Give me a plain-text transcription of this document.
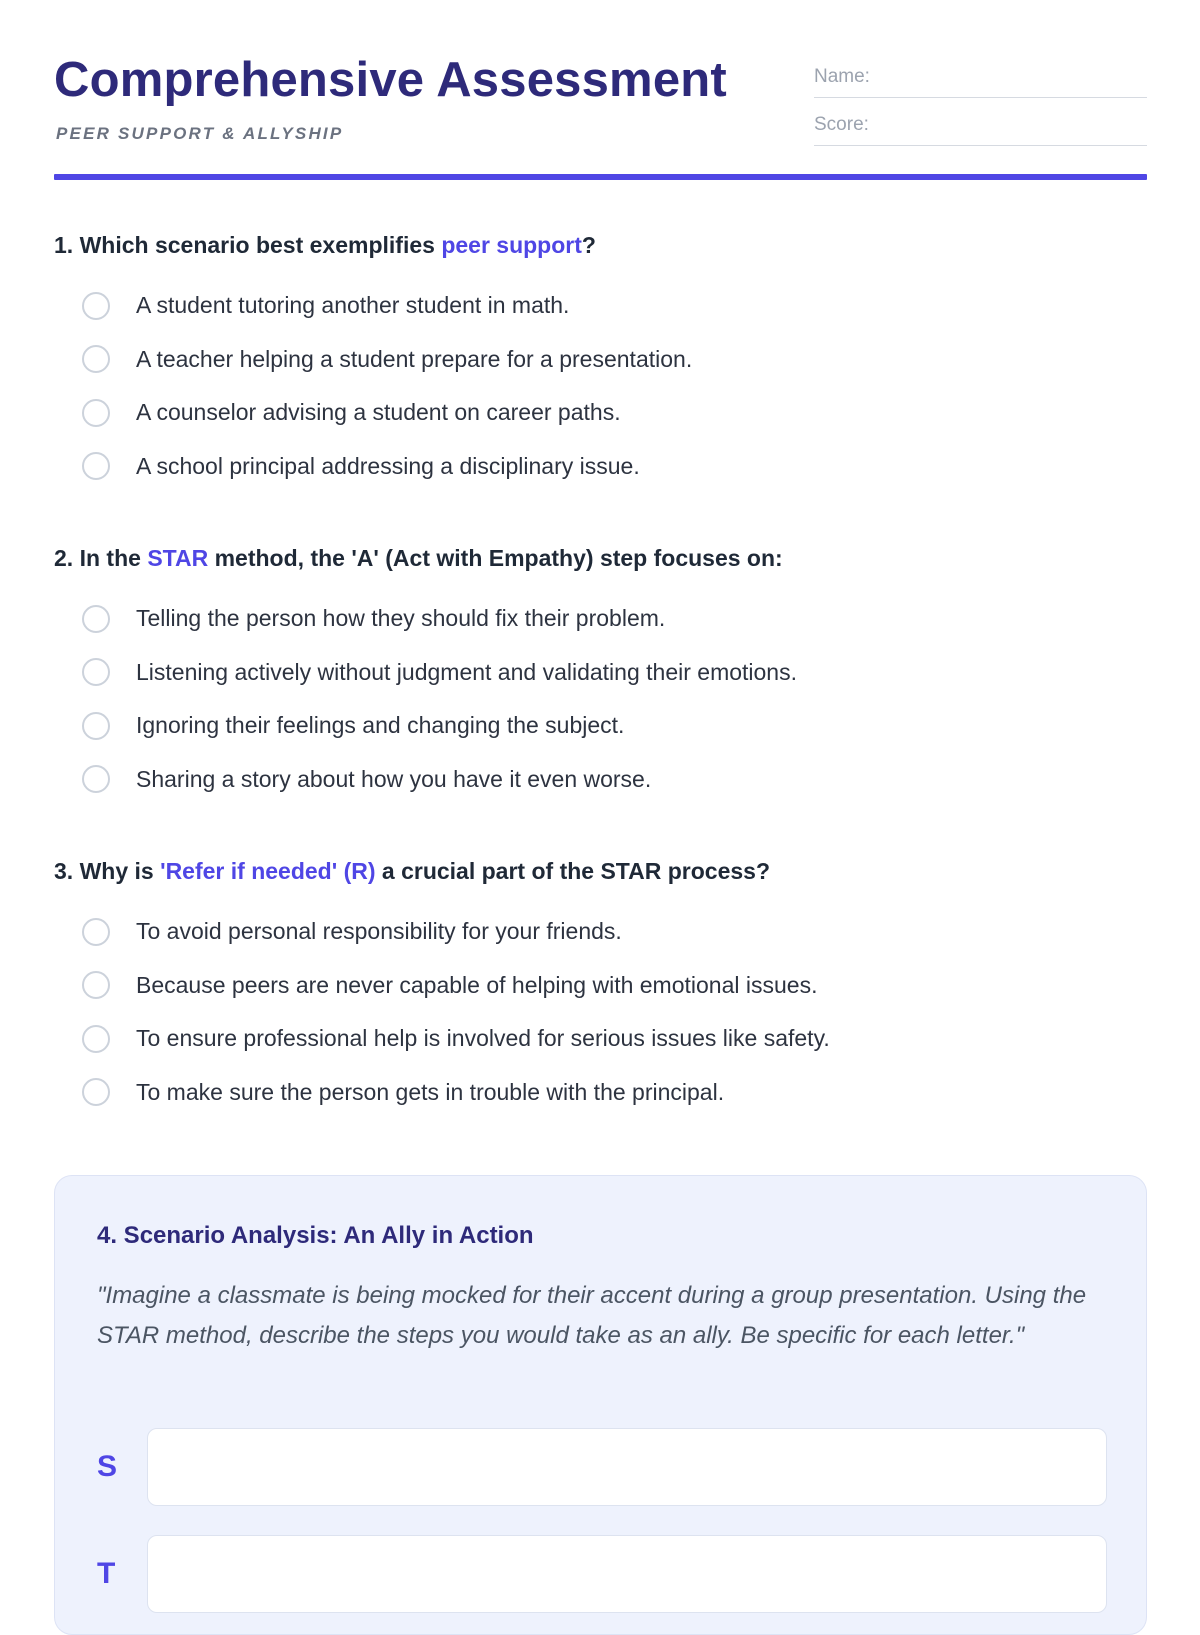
Comprehensive Assessment
PEER SUPPORT & ALLYSHIP
Name:
Score:

1. Which scenario best exemplifies peer support?

A student tutoring another student in math.
A teacher helping a student prepare for a presentation.
A counselor advising a student on career paths.
A school principal addressing a disciplinary issue.

2. In the STAR method, the 'A' (Act with Empathy) step focuses on:

Telling the person how they should fix their problem.
Listening actively without judgment and validating their emotions.
Ignoring their feelings and changing the subject.
Sharing a story about how you have it even worse.

3. Why is 'Refer if needed' (R) a crucial part of the STAR process?

To avoid personal responsibility for your friends.
Because peers are never capable of helping with emotional issues.
To ensure professional help is involved for serious issues like safety.
To make sure the person gets in trouble with the principal.
4. Scenario Analysis: An Ally in Action
"Imagine a classmate is being mocked for their accent during a group presentation. Using the STAR method, describe the steps you would take as an ally. Be specific for each letter."
S
T
